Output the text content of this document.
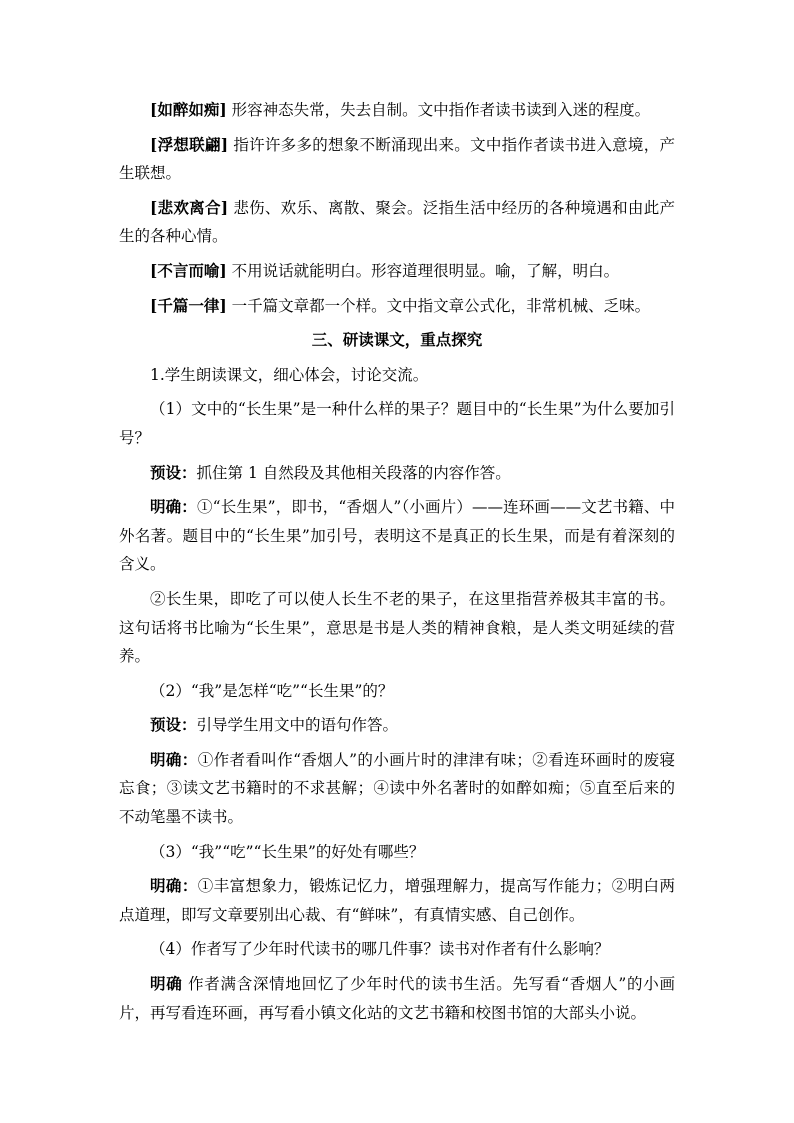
[如醉如痴] 形容神态失常，失去自制。文中指作者读书读到入迷的程度。

[浮想联翩] 指许许多多的想象不断涌现出来。文中指作者读书进入意境，产生联想。

[悲欢离合] 悲伤、欢乐、离散、聚会。泛指生活中经历的各种境遇和由此产生的各种心情。

[不言而喻] 不用说话就能明白。形容道理很明显。喻，了解，明白。

[千篇一律] 一千篇文章都一个样。文中指文章公式化，非常机械、乏味。

三、研读课文，重点探究

1.学生朗读课文，细心体会，讨论交流。

（1）文中的“长生果”是一种什么样的果子？题目中的“长生果”为什么要加引号？

预设：抓住第 1 自然段及其他相关段落的内容作答。

明确：①“长生果”，即书，“香烟人”（小画片）——连环画——文艺书籍、中外名著。题目中的“长生果”加引号，表明这不是真正的长生果，而是有着深刻的含义。

②长生果，即吃了可以使人长生不老的果子，在这里指营养极其丰富的书。这句话将书比喻为“长生果”，意思是书是人类的精神食粮，是人类文明延续的营养。

（2）“我”是怎样“吃”“长生果”的？

预设：引导学生用文中的语句作答。

明确：①作者看叫作“香烟人”的小画片时的津津有味；②看连环画时的废寝忘食；③读文艺书籍时的不求甚解；④读中外名著时的如醉如痴；⑤直至后来的不动笔墨不读书。

（3）“我”“吃”“长生果”的好处有哪些？

明确：①丰富想象力，锻炼记忆力，增强理解力，提高写作能力；②明白两点道理，即写文章要别出心裁、有“鲜味”，有真情实感、自己创作。

（4）作者写了少年时代读书的哪几件事？读书对作者有什么影响？

明确 作者满含深情地回忆了少年时代的读书生活。先写看“香烟人”的小画片，再写看连环画，再写看小镇文化站的文艺书籍和校图书馆的大部头小说。
